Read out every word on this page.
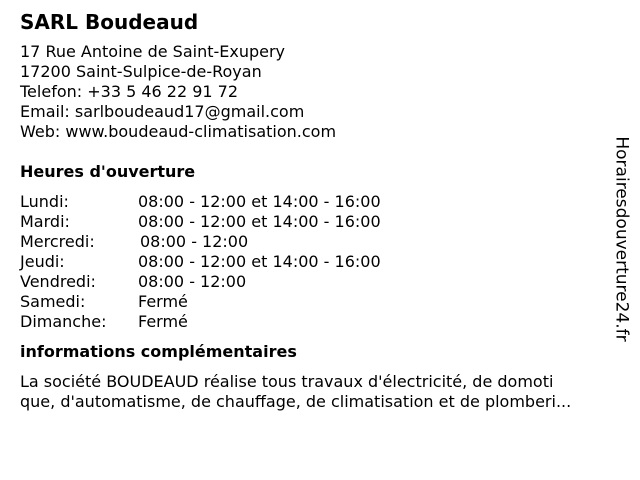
SARL Boudeaud
17 Rue Antoine de Saint-Exupery
17200 Saint-Sulpice-de-Royan
Telefon: +33 5 46 22 91 72
Email: sarlboudeaud17@gmail.com
Web: www.boudeaud-climatisation.com
Heures d'ouverture
Lundi:	08:00 - 12:00 et 14:00 - 16:00
Mardi:	08:00 - 12:00 et 14:00 - 16:00
Mercredi:	08:00 - 12:00
Jeudi:	08:00 - 12:00 et 14:00 - 16:00
Vendredi:	08:00 - 12:00
Samedi:	Fermé
Dimanche:	Fermé
informations complémentaires
La société BOUDEAUD réalise tous travaux d'électricité, de domoti
que, d'automatisme, de chauffage, de climatisation et de plomberi...
Horairesdouverture24.fr
